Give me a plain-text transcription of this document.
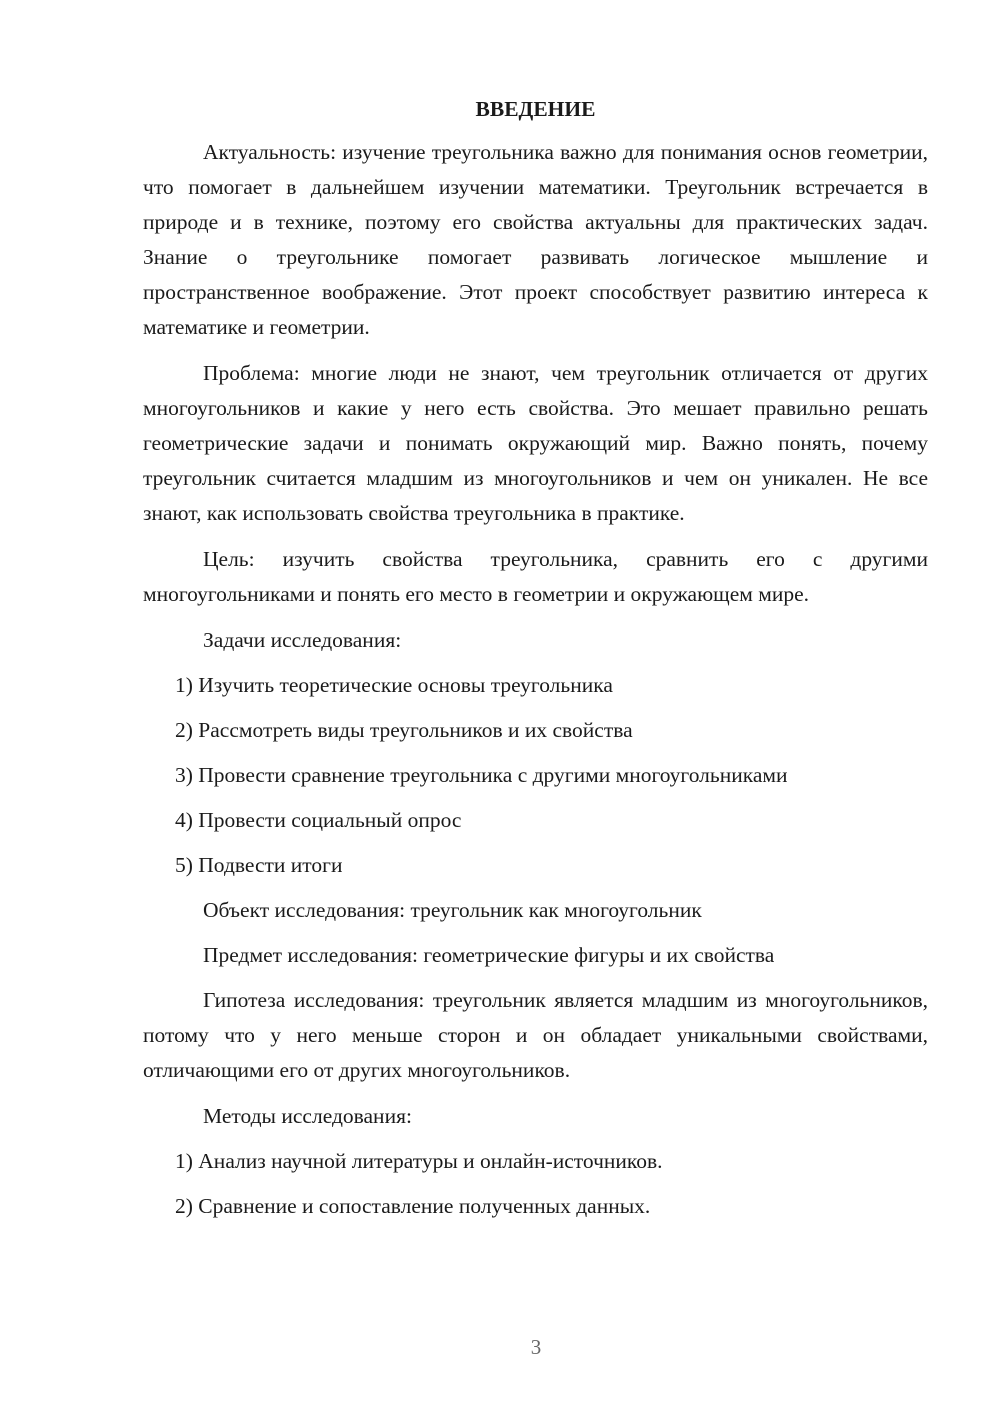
ВВЕДЕНИЕ
Актуальность: изучение треугольника важно для понимания основ геометрии, что помогает в дальнейшем изучении математики. Треугольник встречается в природе и в технике, поэтому его свойства актуальны для практических задач. Знание о треугольнике помогает развивать логическое мышление и пространственное воображение. Этот проект способствует развитию интереса к математике и геометрии.
Проблема: многие люди не знают, чем треугольник отличается от других многоугольников и какие у него есть свойства. Это мешает правильно решать геометрические задачи и понимать окружающий мир. Важно понять, почему треугольник считается младшим из многоугольников и чем он уникален. Не все знают, как использовать свойства треугольника в практике.
Цель: изучить свойства треугольника, сравнить его с другими многоугольниками и понять его место в геометрии и окружающем мире.
Задачи исследования:
1) Изучить теоретические основы треугольника
2) Рассмотреть виды треугольников и их свойства
3) Провести сравнение треугольника с другими многоугольниками
4) Провести социальный опрос
5) Подвести итоги
Объект исследования: треугольник как многоугольник
Предмет исследования: геометрические фигуры и их свойства
Гипотеза исследования: треугольник является младшим из многоугольников, потому что у него меньше сторон и он обладает уникальными свойствами, отличающими его от других многоугольников.
Методы исследования:
1) Анализ научной литературы и онлайн-источников.
2) Сравнение и сопоставление полученных данных.
3
